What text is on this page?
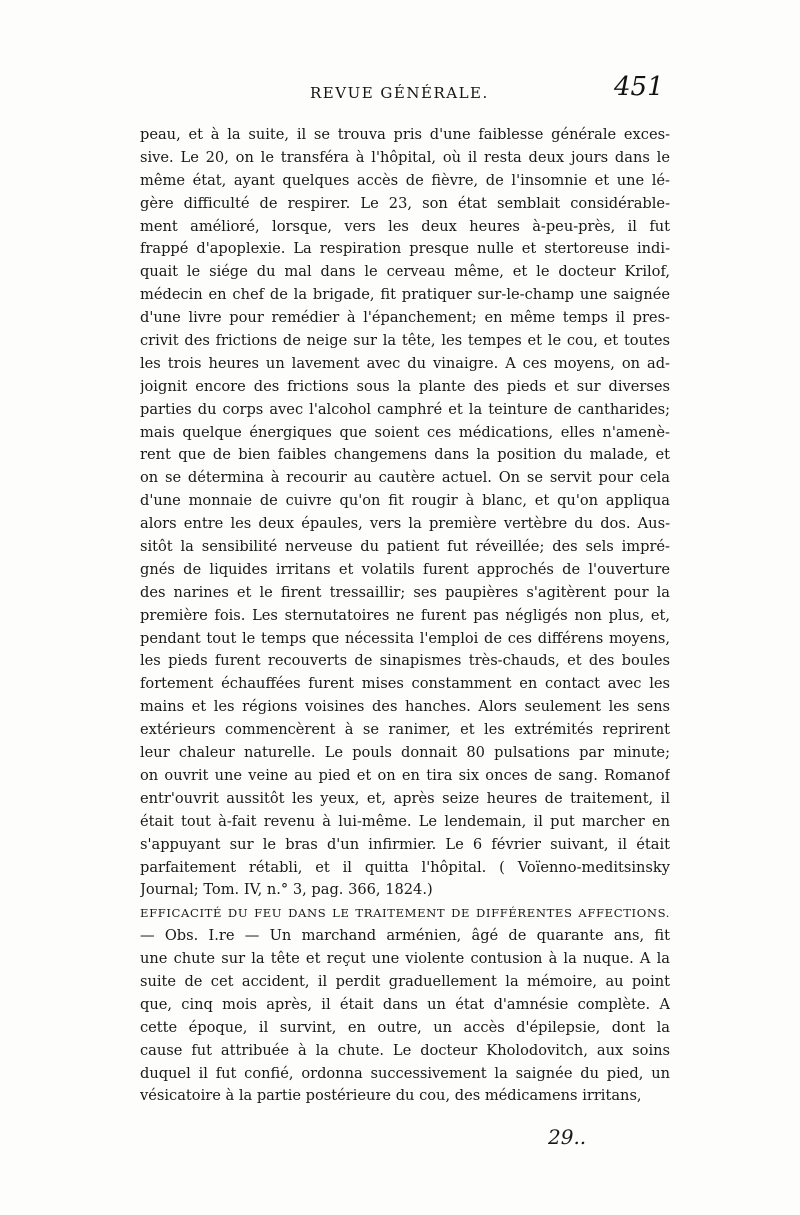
REVUE GÉNÉRALE.	451
peau, et à la suite, il se trouva pris d'une faiblesse générale exces-
sive. Le 20, on le transféra à l'hôpital, où il resta deux jours dans le
même état, ayant quelques accès de fièvre, de l'insomnie et une lé-
gère difficulté de respirer. Le 23, son état semblait considérable-
ment amélioré, lorsque, vers les deux heures à-peu-près, il fut
frappé d'apoplexie. La respiration presque nulle et stertoreuse indi-
quait le siége du mal dans le cerveau même, et le docteur Krilof,
médecin en chef de la brigade, fit pratiquer sur-le-champ une saignée
d'une livre pour remédier à l'épanchement; en même temps il pres-
crivit des frictions de neige sur la tête, les tempes et le cou, et toutes
les trois heures un lavement avec du vinaigre. A ces moyens, on ad-
joignit encore des frictions sous la plante des pieds et sur diverses
parties du corps avec l'alcohol camphré et la teinture de cantharides;
mais quelque énergiques que soient ces médications, elles n'amenè-
rent que de bien faibles changemens dans la position du malade, et
on se détermina à recourir au cautère actuel. On se servit pour cela
d'une monnaie de cuivre qu'on fit rougir à blanc, et qu'on appliqua
alors entre les deux épaules, vers la première vertèbre du dos. Aus-
sitôt la sensibilité nerveuse du patient fut réveillée; des sels impré-
gnés de liquides irritans et volatils furent approchés de l'ouverture
des narines et le firent tressaillir; ses paupières s'agitèrent pour la
première fois. Les sternutatoires ne furent pas négligés non plus, et,
pendant tout le temps que nécessita l'emploi de ces différens moyens,
les pieds furent recouverts de sinapismes très-chauds, et des boules
fortement échauffées furent mises constamment en contact avec les
mains et les régions voisines des hanches. Alors seulement les sens
extérieurs commencèrent à se ranimer, et les extrémités reprirent
leur chaleur naturelle. Le pouls donnait 80 pulsations par minute;
on ouvrit une veine au pied et on en tira six onces de sang. Romanof
entr'ouvrit aussitôt les yeux, et, après seize heures de traitement, il
était tout à-fait revenu à lui-même. Le lendemain, il put marcher en
s'appuyant sur le bras d'un infirmier. Le 6 février suivant, il était
parfaitement rétabli, et il quitta l'hôpital. ( Voïenno-meditsinsky
Journal; Tom. IV, n.° 3, pag. 366, 1824.)
EFFICACITÉ DU FEU DANS LE TRAITEMENT DE DIFFÉRENTES AFFECTIONS.
— Obs. I.re — Un marchand arménien, âgé de quarante ans, fit
une chute sur la tête et reçut une violente contusion à la nuque. A la
suite de cet accident, il perdit graduellement la mémoire, au point
que, cinq mois après, il était dans un état d'amnésie complète. A
cette époque, il survint, en outre, un accès d'épilepsie, dont la
cause fut attribuée à la chute. Le docteur Kholodovitch, aux soins
duquel il fut confié, ordonna successivement la saignée du pied, un
vésicatoire à la partie postérieure du cou, des médicamens irritans,
29..
